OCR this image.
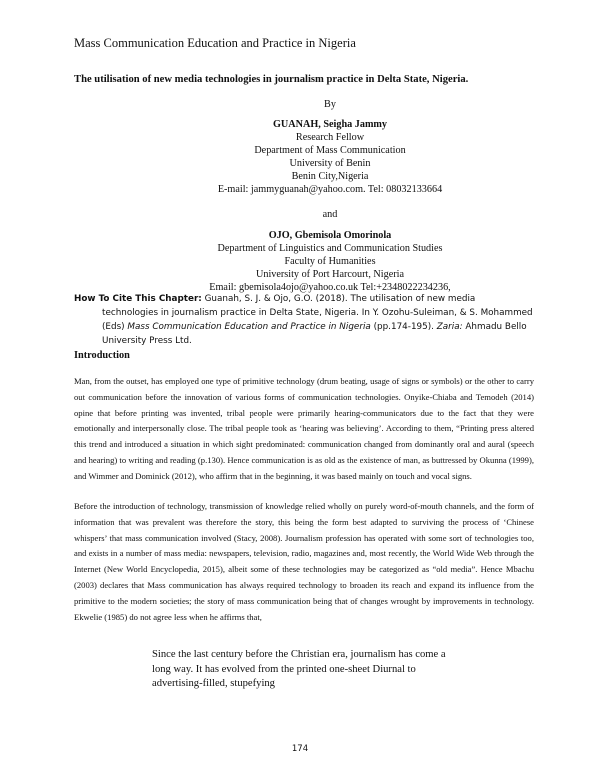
Mass Communication Education and Practice in Nigeria
The utilisation of new media technologies in journalism practice in Delta State, Nigeria.
By
GUANAH, Seigha Jammy
Research Fellow
Department of Mass Communication
University of Benin
Benin City,Nigeria
E-mail: jammyguanah@yahoo.com. Tel: 08032133664
and
OJO, Gbemisola Omorinola
Department of Linguistics and Communication Studies
Faculty of Humanities
University of Port Harcourt, Nigeria
Email: gbemisola4ojo@yahoo.co.uk Tel:+2348022234236,
How To Cite This Chapter: Guanah, S. J. & Ojo, G.O. (2018). The utilisation of new media technologies in journalism practice in Delta State, Nigeria. In Y. Ozohu-Suleiman, & S. Mohammed (Eds) Mass Communication Education and Practice in Nigeria (pp.174-195). Zaria: Ahmadu Bello University Press Ltd.
Introduction

Man, from the outset, has employed one type of primitive technology (drum beating, usage of signs or symbols) or the other to carry out communication before the innovation of various forms of communication technologies. Onyike-Chiaba and Temodeh (2014) opine that before printing was invented, tribal people were primarily hearing-communicators due to the fact that they were emotionally and interpersonally close. The tribal people took as ‘hearing was believing’. According to them, “Printing press altered this trend and introduced a situation in which sight predominated: communication changed from dominantly oral and aural (speech and hearing) to writing and reading (p.130). Hence communication is as old as the existence of man, as buttressed by Okunna (1999), and Wimmer and Dominick (2012), who affirm that in the beginning, it was based mainly on touch and vocal signs.

Before the introduction of technology, transmission of knowledge relied wholly on purely word-of-mouth channels, and the form of information that was prevalent was therefore the story, this being the form best adapted to surviving the process of ‘Chinese whispers’ that mass communication involved (Stacy, 2008). Journalism profession has operated with some sort of technologies too, and exists in a number of mass media: newspapers, television, radio, magazines and, most recently, the World Wide Web through the Internet (New World Encyclopedia, 2015), albeit some of these technologies may be categorized as “old media”. Hence Mbachu (2003) declares that Mass communication has always required technology to broaden its reach and expand its influence from the primitive to the modern societies; the story of mass communication being that of changes wrought by improvements in technology. Ekwelie (1985) do not agree less when he affirms that,

Since the last century before the Christian era, journalism has come a long way. It has evolved from the printed one-sheet Diurnal to advertising-filled, stupefying

174
